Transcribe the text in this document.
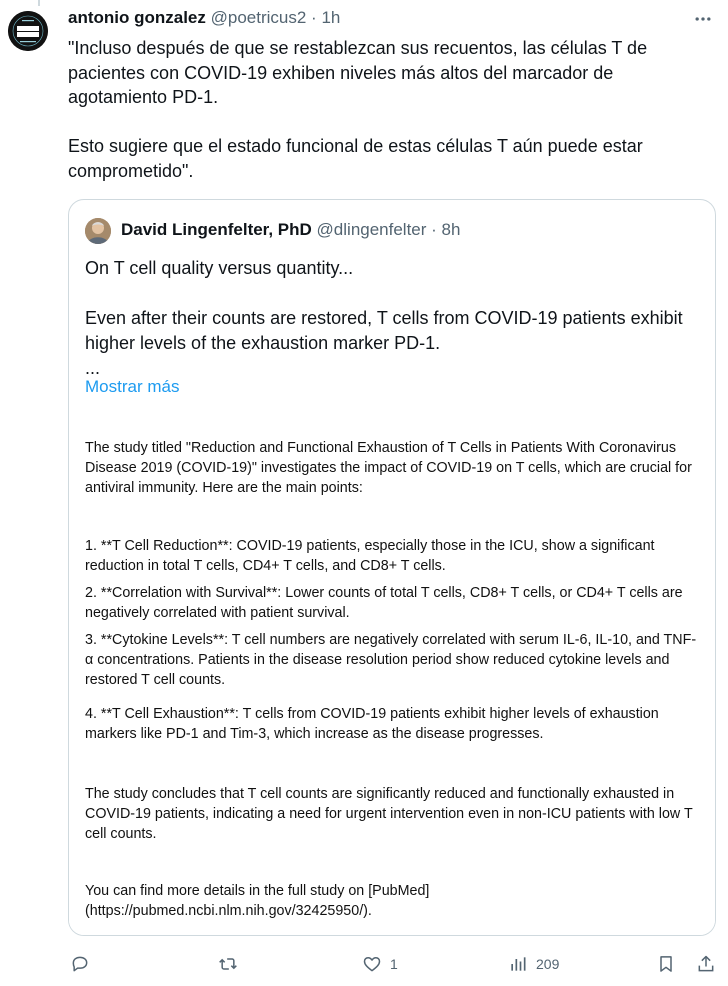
antonio gonzalez @poetricus2 · 1h
"Incluso después de que se restablezcan sus recuentos, las células T de pacientes con COVID-19 exhiben niveles más altos del marcador de agotamiento PD-1.

Esto sugiere que el estado funcional de estas células T aún puede estar comprometido".
David Lingenfelter, PhD @dlingenfelter · 8h
On T cell quality versus quantity...

Even after their counts are restored, T cells from COVID-19 patients exhibit higher levels of the exhaustion marker PD-1.
...
Mostrar más
The study titled "Reduction and Functional Exhaustion of T Cells in Patients With Coronavirus Disease 2019 (COVID-19)" investigates the impact of COVID-19 on T cells, which are crucial for antiviral immunity. Here are the main points:
1. **T Cell Reduction**: COVID-19 patients, especially those in the ICU, show a significant reduction in total T cells, CD4+ T cells, and CD8+ T cells.
2. **Correlation with Survival**: Lower counts of total T cells, CD8+ T cells, or CD4+ T cells are negatively correlated with patient survival.
3. **Cytokine Levels**: T cell numbers are negatively correlated with serum IL-6, IL-10, and TNF-α concentrations. Patients in the disease resolution period show reduced cytokine levels and restored T cell counts.
4. **T Cell Exhaustion**: T cells from COVID-19 patients exhibit higher levels of exhaustion markers like PD-1 and Tim-3, which increase as the disease progresses.
The study concludes that T cell counts are significantly reduced and functionally exhausted in COVID-19 patients, indicating a need for urgent intervention even in non-ICU patients with low T cell counts.
You can find more details in the full study on [PubMed](https://pubmed.ncbi.nlm.nih.gov/32425950/).
1	209
